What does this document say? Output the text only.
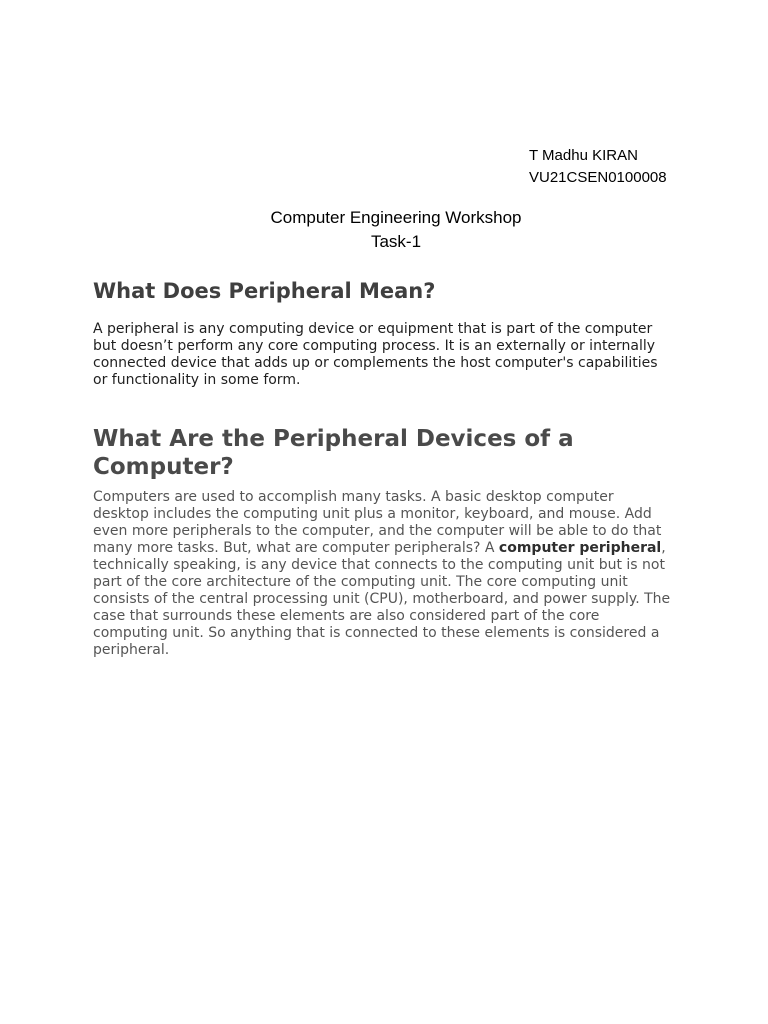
T Madhu KIRAN
VU21CSEN0100008
Computer Engineering Workshop
Task-1
What Does Peripheral Mean?

A peripheral is any computing device or equipment that is part of the computer but doesn’t perform any core computing process. It is an externally or internally connected device that adds up or complements the host computer's capabilities or functionality in some form.

What Are the Peripheral Devices of a Computer?

Computers are used to accomplish many tasks. A basic desktop computer desktop includes the computing unit plus a monitor, keyboard, and mouse. Add even more peripherals to the computer, and the computer will be able to do that many more tasks. But, what are computer peripherals? A computer peripheral, technically speaking, is any device that connects to the computing unit but is not part of the core architecture of the computing unit. The core computing unit consists of the central processing unit (CPU), motherboard, and power supply. The case that surrounds these elements are also considered part of the core computing unit. So anything that is connected to these elements is considered a peripheral.
